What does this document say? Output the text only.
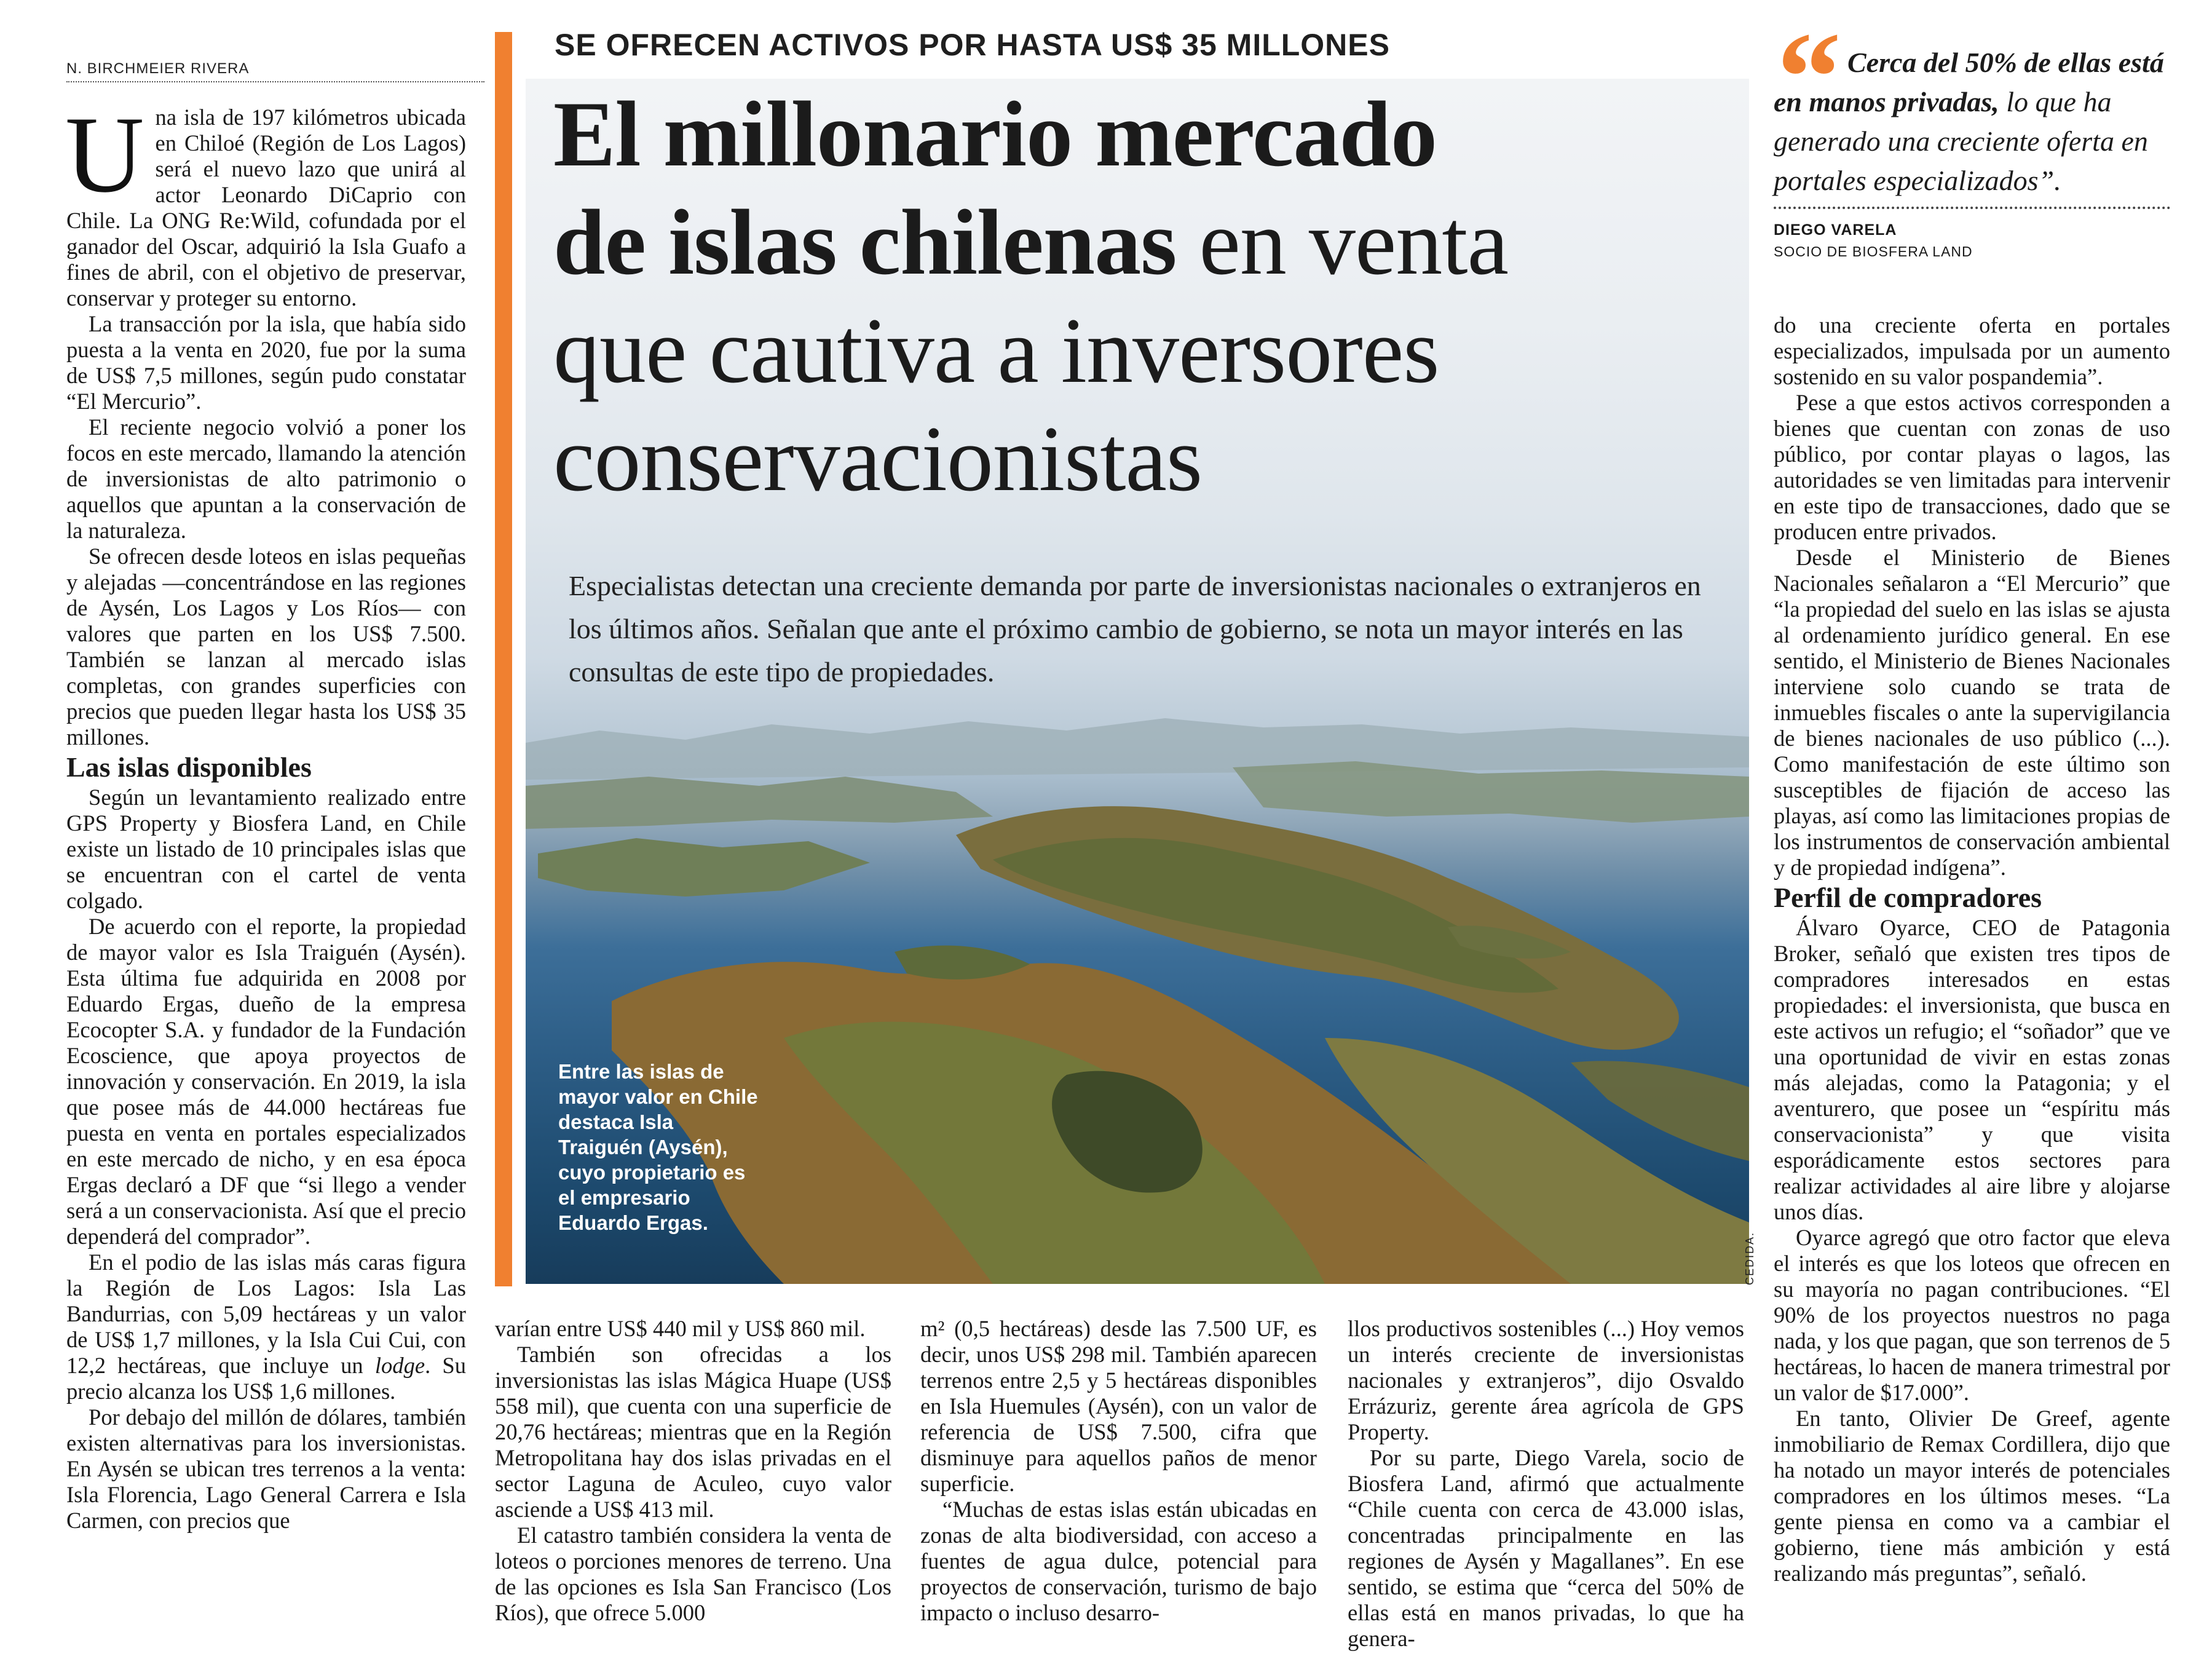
N. BIRCHMEIER RIVERA

Una isla de 197 kilómetros ubicada en Chiloé (Región de Los Lagos) será el nuevo lazo que unirá al actor Leonardo DiCaprio con Chile. La ONG Re:Wild, cofundada por el ganador del Oscar, adquirió la Isla Guafo a fines de abril, con el objetivo de preservar, conservar y proteger su entorno.

La transacción por la isla, que había sido puesta a la venta en 2020, fue por la suma de US$ 7,5 millones, según pudo constatar “El Mercurio”.

El reciente negocio volvió a poner los focos en este mercado, llamando la atención de inversionistas de alto patrimonio o aquellos que apuntan a la conservación de la naturaleza.

Se ofrecen desde loteos en islas pequeñas y alejadas —concentrándose en las regiones de Aysén, Los Lagos y Los Ríos— con valores que parten en los US$ 7.500. También se lanzan al mercado islas completas, con grandes superficies con precios que pueden llegar hasta los US$ 35 millones.

Las islas disponibles

Según un levantamiento realizado entre GPS Property y Biosfera Land, en Chile existe un listado de 10 principales islas que se encuentran con el cartel de venta colgado.

De acuerdo con el reporte, la propiedad de mayor valor es Isla Traiguén (Aysén). Esta última fue adquirida en 2008 por Eduardo Ergas, dueño de la empresa Ecocopter S.A. y fundador de la Fundación Ecoscience, que apoya proyectos de innovación y conservación. En 2019, la isla que posee más de 44.000 hectáreas fue puesta en venta en portales especializados en este mercado de nicho, y en esa época Ergas declaró a DF que “si llego a vender será a un conservacionista. Así que el precio dependerá del comprador”.

En el podio de las islas más caras figura la Región de Los Lagos: Isla Las Bandurrias, con 5,09 hectáreas y un valor de US$ 1,7 millones, y la Isla Cui Cui, con 12,2 hectáreas, que incluye un lodge. Su precio alcanza los US$ 1,6 millones.

Por debajo del millón de dólares, también existen alternativas para los inversionistas. En Aysén se ubican tres terrenos a la venta: Isla Florencia, Lago General Carrera e Isla Carmen, con precios que

SE OFRECEN ACTIVOS POR HASTA US$ 35 MILLONES
El millonario mercado
de islas chilenas en venta
que cautiva a inversores
conservacionistas
Especialistas detectan una creciente demanda por parte de inversionistas nacionales o extranjeros en los últimos años. Señalan que ante el próximo cambio de gobierno, se nota un mayor interés en las consultas de este tipo de propiedades.
Entre las islas de mayor valor en Chile destaca Isla Traiguén (Aysén), cuyo propietario es el empresario Eduardo Ergas.
CEDIDA.
“ Cerca del 50% de ellas está en manos privadas, lo que ha generado una creciente oferta en portales especializados”.
DIEGO VARELA
SOCIO DE BIOSFERA LAND

varían entre US$ 440 mil y US$ 860 mil.

También son ofrecidas a los inversionistas las islas Mágica Huape (US$ 558 mil), que cuenta con una superficie de 20,76 hectáreas; mientras que en la Región Metropolitana hay dos islas privadas en el sector Laguna de Aculeo, cuyo valor asciende a US$ 413 mil.

El catastro también considera la venta de loteos o porciones menores de terreno. Una de las opciones es Isla San Francisco (Los Ríos), que ofrece 5.000

m² (0,5 hectáreas) desde las 7.500 UF, es decir, unos US$ 298 mil. También aparecen terrenos entre 2,5 y 5 hectáreas disponibles en Isla Huemules (Aysén), con un valor de referencia de US$ 7.500, cifra que disminuye para aquellos paños de menor superficie.

“Muchas de estas islas están ubicadas en zonas de alta biodiversidad, con acceso a fuentes de agua dulce, potencial para proyectos de conservación, turismo de bajo impacto o incluso desarro-

llos productivos sostenibles (...) Hoy vemos un interés creciente de inversionistas nacionales y extranjeros”, dijo Osvaldo Errázuriz, gerente área agrícola de GPS Property.

Por su parte, Diego Varela, socio de Biosfera Land, afirmó que actualmente “Chile cuenta con cerca de 43.000 islas, concentradas principalmente en las regiones de Aysén y Magallanes”. En ese sentido, se estima que “cerca del 50% de ellas está en manos privadas, lo que ha genera-

do una creciente oferta en portales especializados, impulsada por un aumento sostenido en su valor pospandemia”.

Pese a que estos activos corresponden a bienes que cuentan con zonas de uso público, por contar playas o lagos, las autoridades se ven limitadas para intervenir en este tipo de transacciones, dado que se producen entre privados.

Desde el Ministerio de Bienes Nacionales señalaron a “El Mercurio” que “la propiedad del suelo en las islas se ajusta al ordenamiento jurídico general. En ese sentido, el Ministerio de Bienes Nacionales interviene solo cuando se trata de inmuebles fiscales o ante la supervigilancia de bienes nacionales de uso público (...). Como manifestación de este último son susceptibles de fijación de acceso las playas, así como las limitaciones propias de los instrumentos de conservación ambiental y de propiedad indígena”.

Perfil de compradores

Álvaro Oyarce, CEO de Patagonia Broker, señaló que existen tres tipos de compradores interesados en estas propiedades: el inversionista, que busca en este activos un refugio; el “soñador” que ve una oportunidad de vivir en estas zonas más alejadas, como la Patagonia; y el aventurero, que posee un “espíritu más conservacionista” y que visita esporádicamente estos sectores para realizar actividades al aire libre y alojarse unos días.

Oyarce agregó que otro factor que eleva el interés es que los loteos que ofrecen en su mayoría no pagan contribuciones. “El 90% de los proyectos nuestros no paga nada, y los que pagan, que son terrenos de 5 hectáreas, lo hacen de manera trimestral por un valor de $17.000”.

En tanto, Olivier De Greef, agente inmobiliario de Remax Cordillera, dijo que ha notado un mayor interés de potenciales compradores en los últimos meses. “La gente piensa en como va a cambiar el gobierno, tiene más ambición y está realizando más preguntas”, señaló.
